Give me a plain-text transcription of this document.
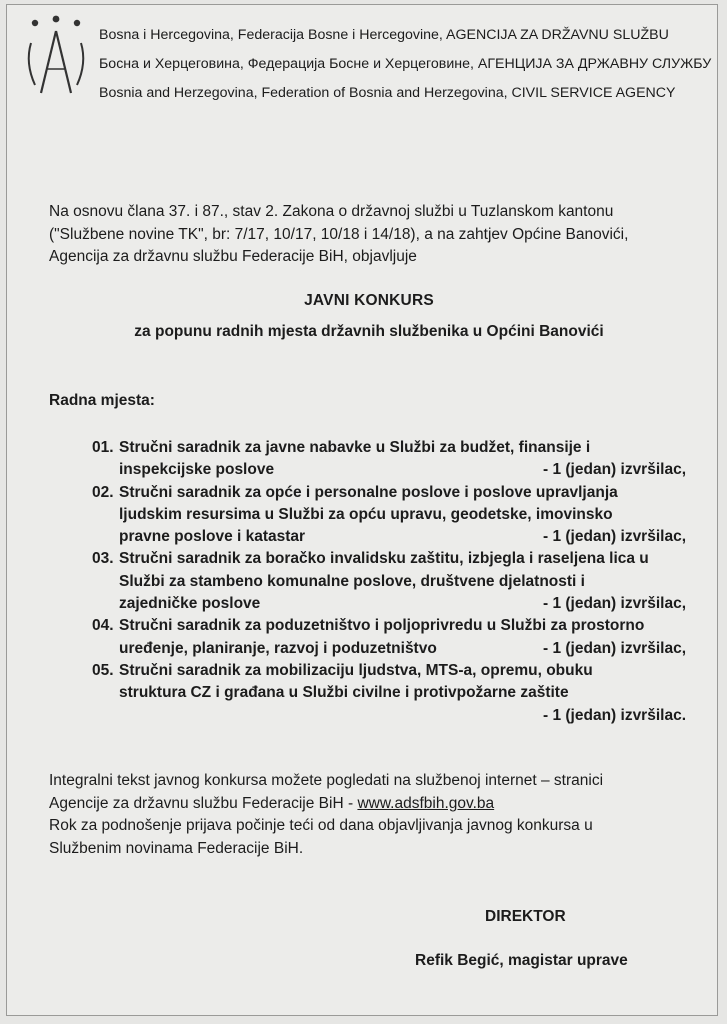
Bosna i Hercegovina, Federacija Bosne i Hercegovine, AGENCIJA ZA DRŽAVNU SLUŽBU

Босна и Херцеговина, Федерација Босне и Херцеговине, АГЕНЦИЈА ЗА ДРЖАВНУ СЛУЖБУ

Bosnia and Herzegovina, Federation of Bosnia and Herzegovina, CIVIL SERVICE AGENCY

Na osnovu člana 37. i 87., stav 2. Zakona o državnoj službi u Tuzlanskom kantonu
("Službene novine TK", br: 7/17, 10/17, 10/18 i 14/18), a na zahtjev Općine Banovići,
Agencija za državnu službu Federacije BiH, objavljuje
JAVNI KONKURS
za popunu radnih mjesta državnih službenika u Općini Banovići
Radna mjesta:
01. Stručni saradnik za javne nabavke u Službi za budžet, finansije i
inspekcijske poslove	- 1 (jedan) izvršilac,
02. Stručni saradnik za opće i personalne poslove i poslove upravljanja
ljudskim resursima u Službi za opću upravu, geodetske, imovinsko
pravne poslove i katastar	- 1 (jedan) izvršilac,
03. Stručni saradnik za boračko invalidsku zaštitu, izbjegla i raseljena lica u
Službi za stambeno komunalne poslove, društvene djelatnosti i
zajedničke poslove	- 1 (jedan) izvršilac,
04. Stručni saradnik za poduzetništvo i poljoprivredu u Službi za prostorno
uređenje, planiranje, razvoj i poduzetništvo	- 1 (jedan) izvršilac,
05. Stručni saradnik za mobilizaciju ljudstva, MTS-a, opremu, obuku
struktura CZ i građana u Službi civilne i protivpožarne zaštite
- 1 (jedan) izvršilac.
Integralni tekst javnog konkursa možete pogledati na službenoj internet – stranici
Agencije za državnu službu Federacije BiH - www.adsfbih.gov.ba
Rok za podnošenje prijava počinje teći od dana objavljivanja javnog konkursa u
Službenim novinama Federacije BiH.
DIREKTOR
Refik Begić, magistar uprave
